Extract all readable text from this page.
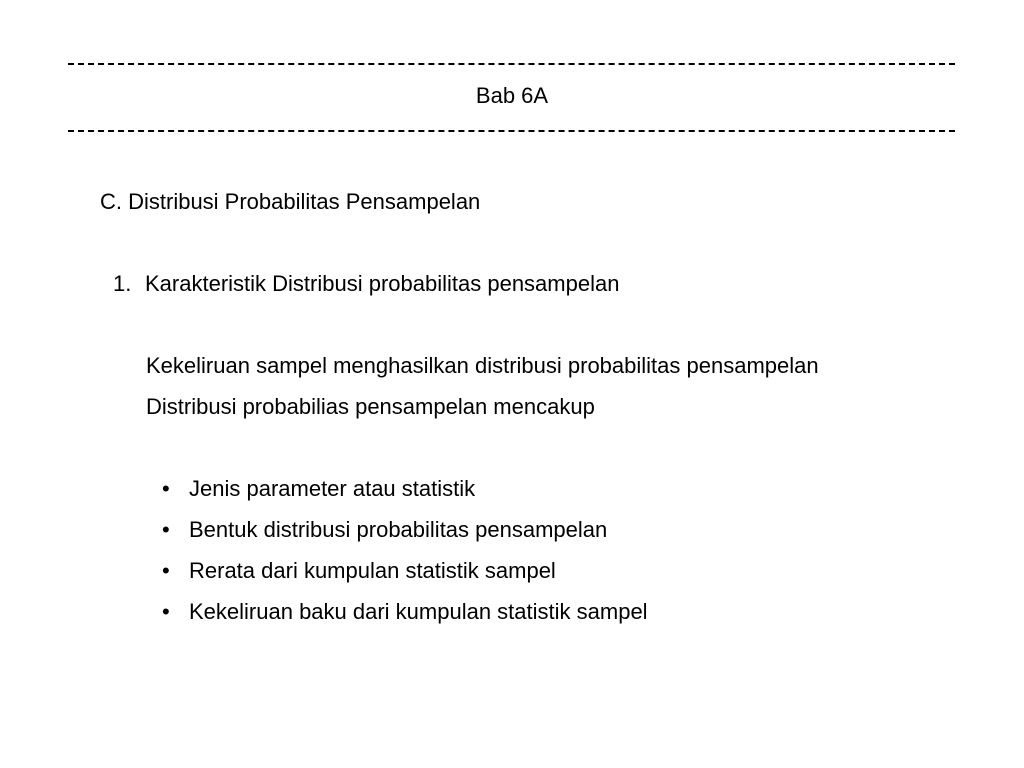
Bab 6A
C. Distribusi Probabilitas Pensampelan
1. Karakteristik Distribusi probabilitas pensampelan
Kekeliruan sampel menghasilkan distribusi probabilitas pensampelan
Distribusi probabilias pensampelan mencakup
• Jenis parameter atau statistik
• Bentuk distribusi probabilitas pensampelan
• Rerata dari kumpulan statistik sampel
• Kekeliruan baku dari kumpulan statistik sampel
